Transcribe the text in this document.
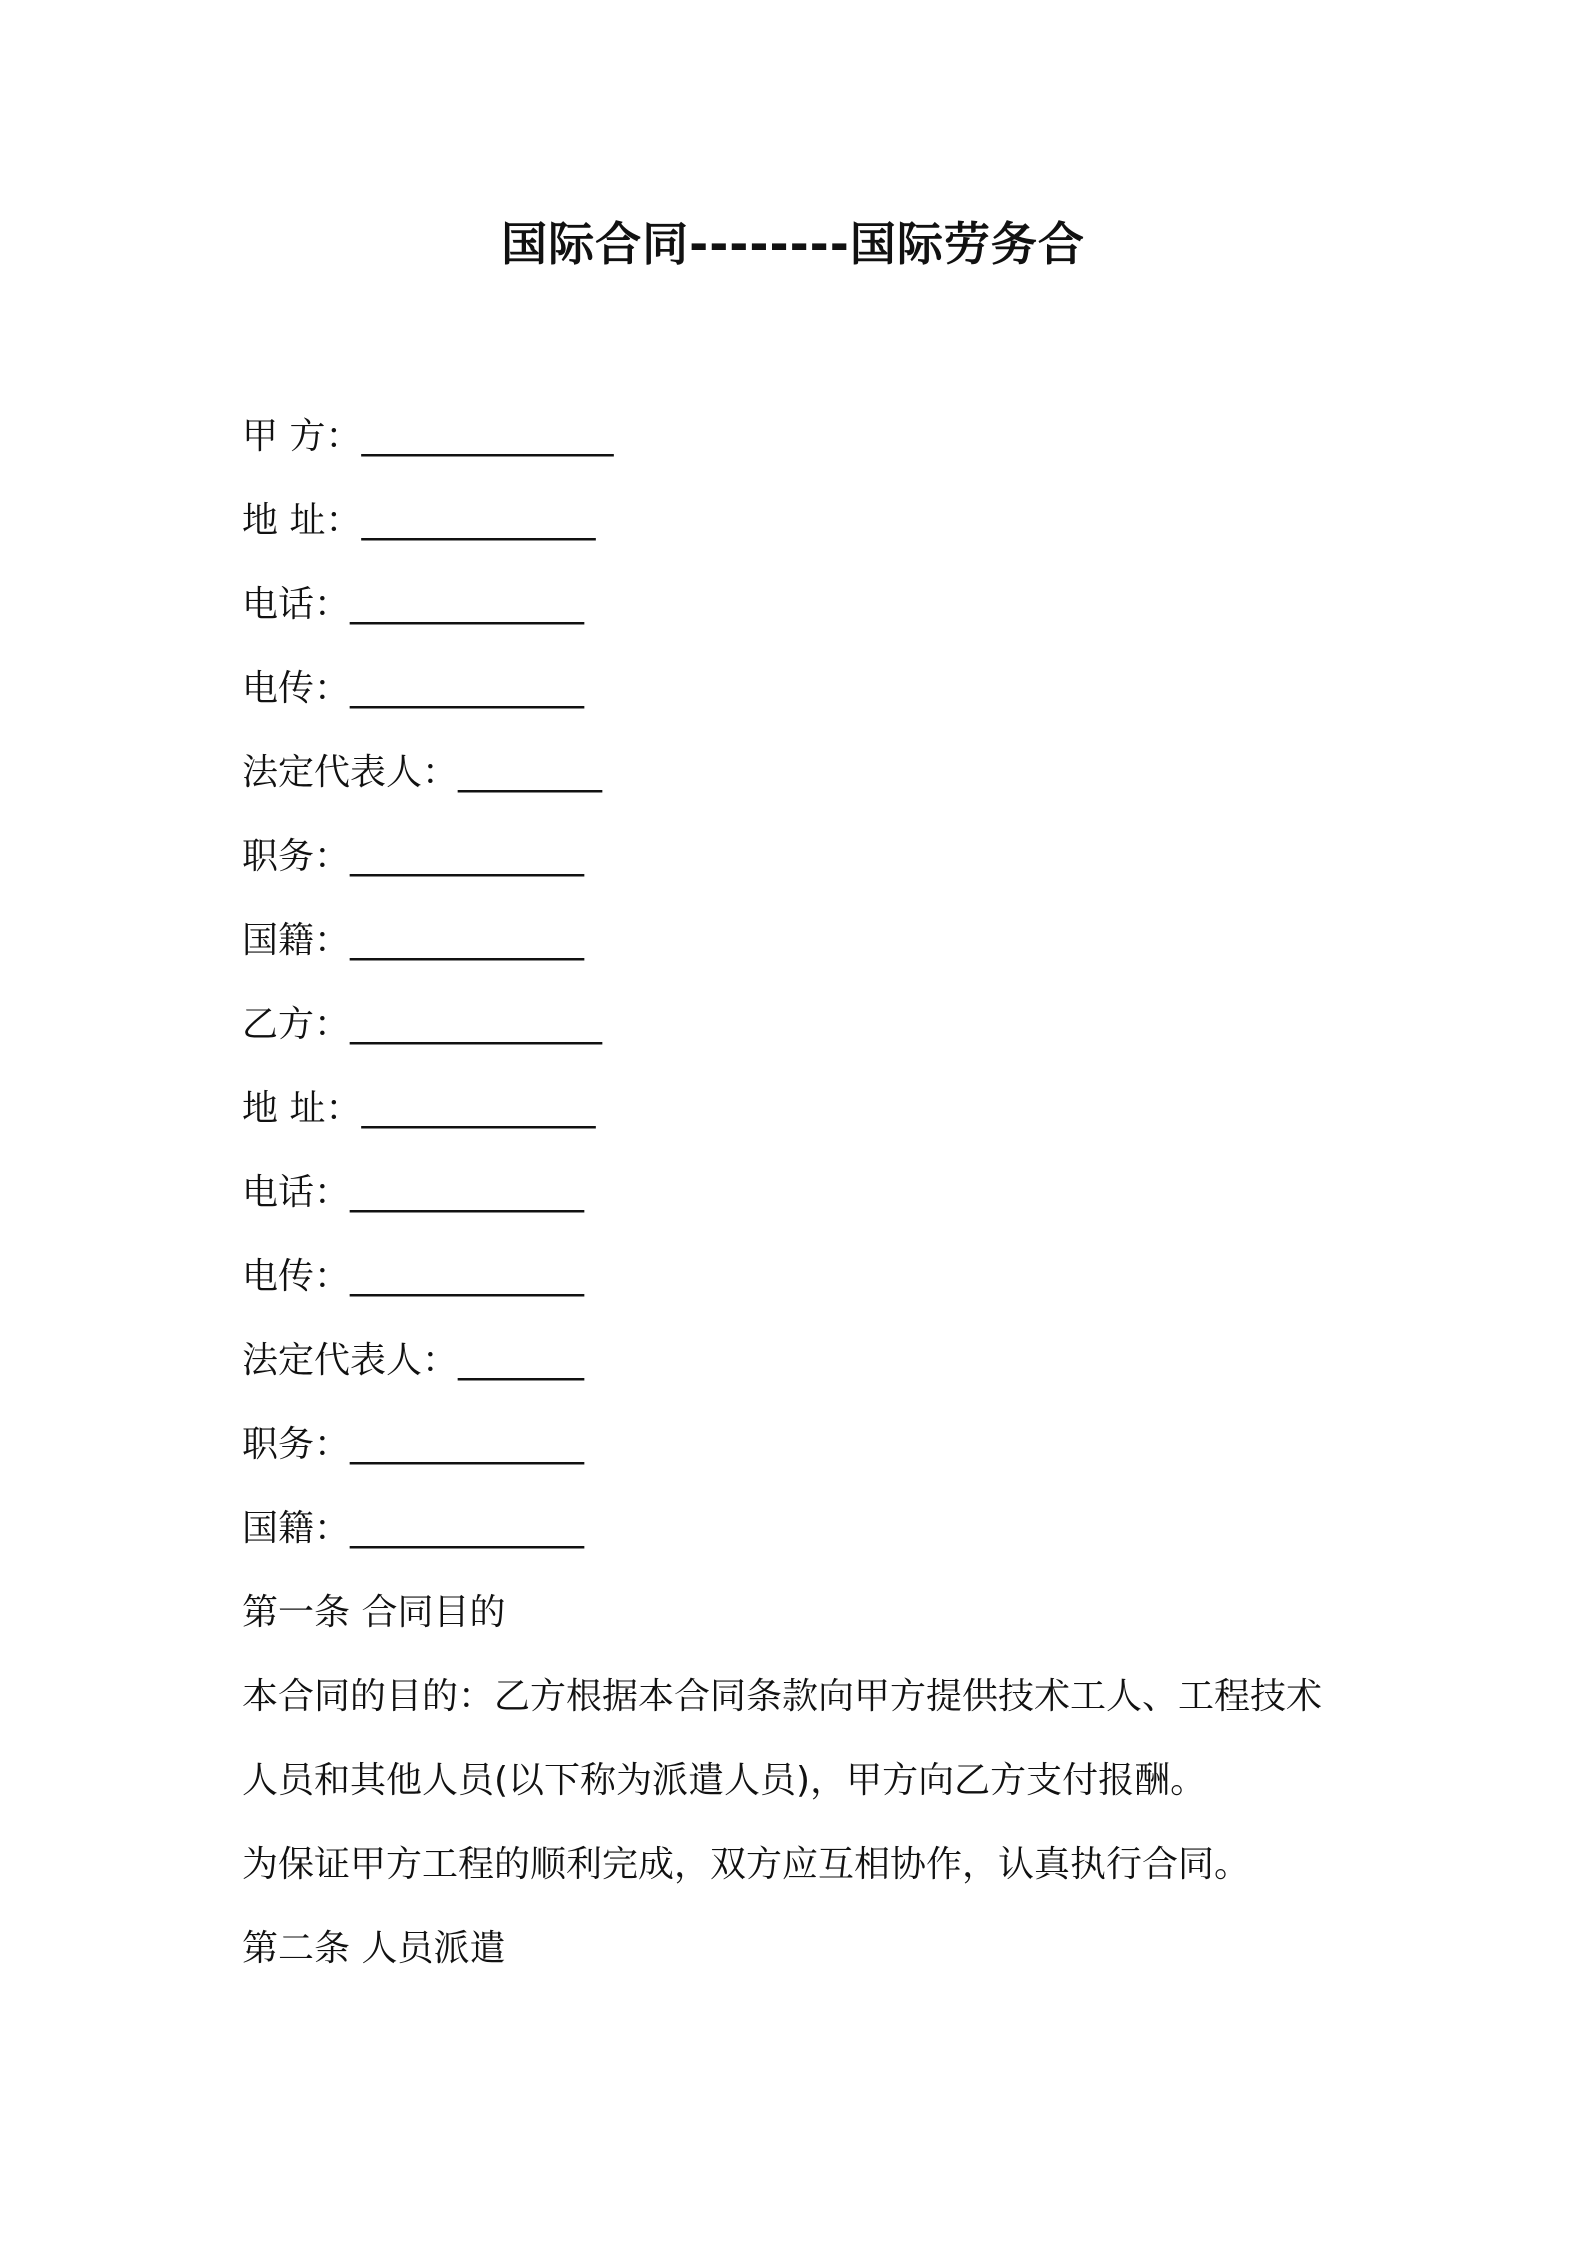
国际合同--------国际劳务合
甲 方：______________
地 址：_____________
电话：_____________
电传：_____________
法定代表人：________
职务：_____________
国籍：_____________
乙方：______________
地 址：_____________
电话：_____________
电传：_____________
法定代表人：_______
职务：_____________
国籍：_____________
第一条 合同目的
本合同的目的：乙方根据本合同条款向甲方提供技术工人、工程技术
人员和其他人员(以下称为派遣人员)，甲方向乙方支付报酬。
为保证甲方工程的顺利完成，双方应互相协作，认真执行合同。
第二条 人员派遣
